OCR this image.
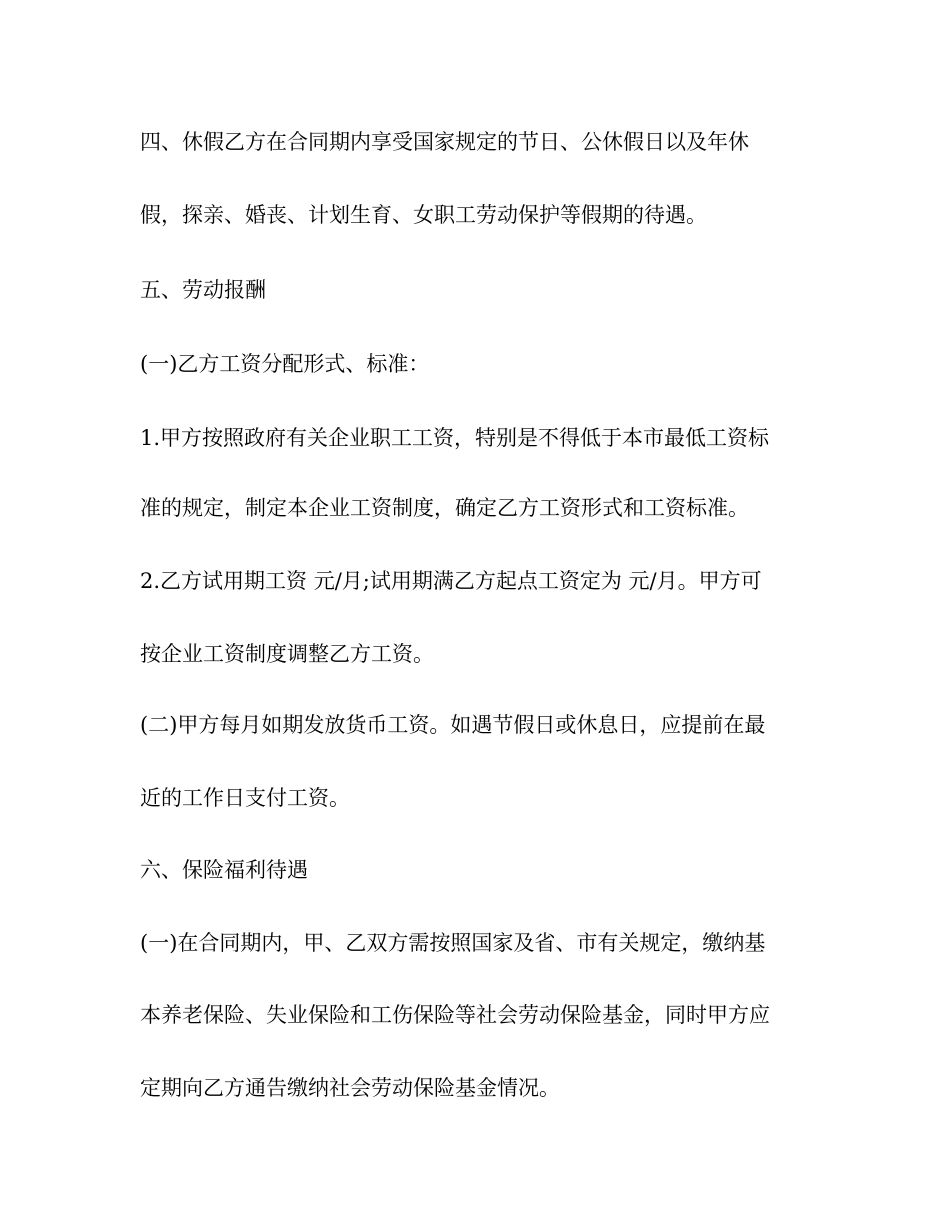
四、休假乙方在合同期内享受国家规定的节日、公休假日以及年休

假，探亲、婚丧、计划生育、女职工劳动保护等假期的待遇。

五、劳动报酬

(一)乙方工资分配形式、标准：

1.甲方按照政府有关企业职工工资，特别是不得低于本市最低工资标

准的规定，制定本企业工资制度，确定乙方工资形式和工资标准。

2.乙方试用期工资 元/月;试用期满乙方起点工资定为 元/月。甲方可

按企业工资制度调整乙方工资。

(二)甲方每月如期发放货币工资。如遇节假日或休息日，应提前在最

近的工作日支付工资。

六、保险福利待遇

(一)在合同期内，甲、乙双方需按照国家及省、市有关规定，缴纳基

本养老保险、失业保险和工伤保险等社会劳动保险基金，同时甲方应

定期向乙方通告缴纳社会劳动保险基金情况。
